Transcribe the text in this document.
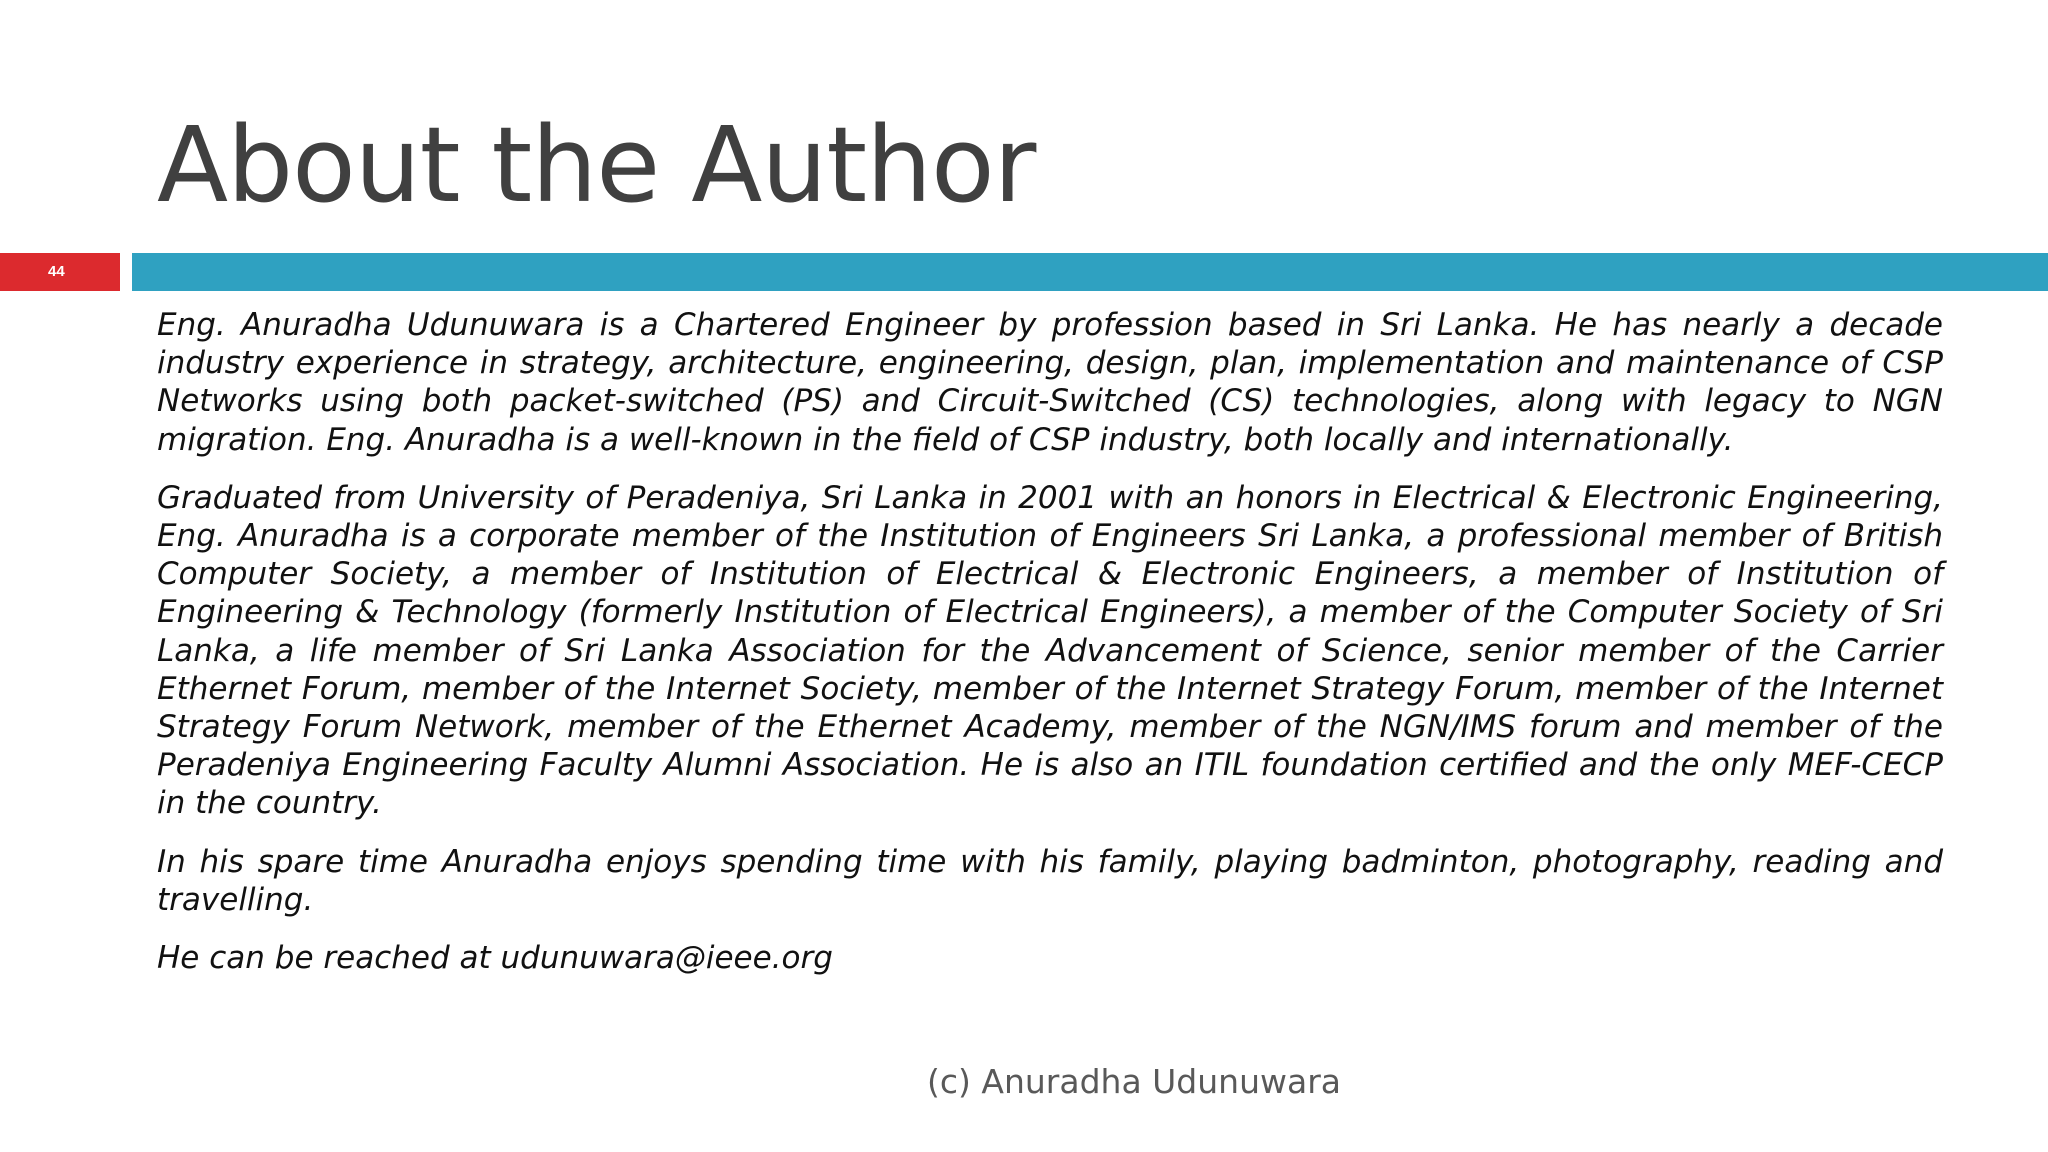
About the Author
44

Eng. Anuradha Udunuwara is a Chartered Engineer by profession based in Sri Lanka. He has nearly a decade industry experience in strategy, architecture, engineering, design, plan, implementation and maintenance of CSP Networks using both packet-switched (PS) and Circuit-Switched (CS) technologies, along with legacy to NGN migration. Eng. Anuradha is a well-known in the field of CSP industry, both locally and internationally.

Graduated from University of Peradeniya, Sri Lanka in 2001 with an honors in Electrical & Electronic Engineering, Eng. Anuradha is a corporate member of the Institution of Engineers Sri Lanka, a professional member of British Computer Society, a member of Institution of Electrical & Electronic Engineers, a member of Institution of Engineering & Technology (formerly Institution of Electrical Engineers), a member of the Computer Society of Sri Lanka, a life member of Sri Lanka Association for the Advancement of Science, senior member of the Carrier Ethernet Forum, member of the Internet Society, member of the Internet Strategy Forum, member of the Internet Strategy Forum Network, member of the Ethernet Academy, member of the NGN/IMS forum and member of the Peradeniya Engineering Faculty Alumni Association. He is also an ITIL foundation certified and the only MEF-CECP in the country.

In his spare time Anuradha enjoys spending time with his family, playing badminton, photography, reading and travelling.

He can be reached at udunuwara@ieee.org

(c) Anuradha Udunuwara
